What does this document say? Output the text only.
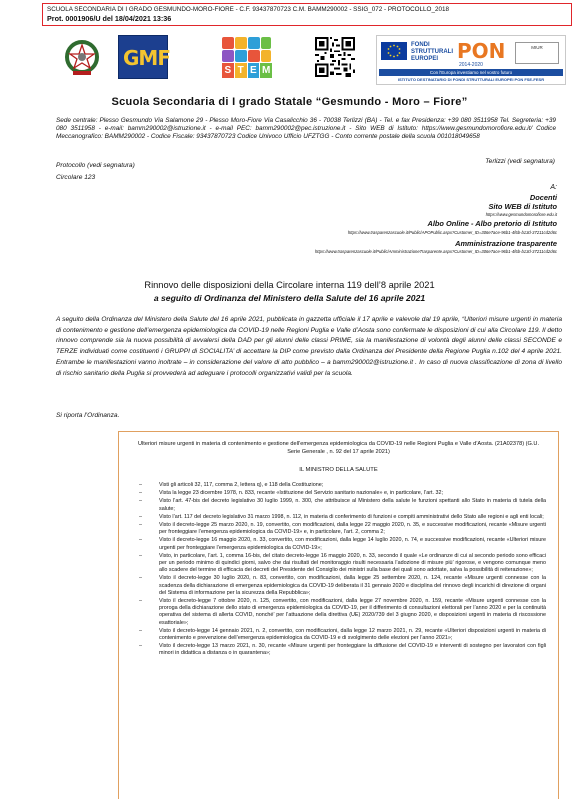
SCUOLA SECONDARIA DI I GRADO GESMUNDO-MORO-FIORE - C.F. 93437870723 C.M. BAMM290002 - SSIG_072 - PROTOCOLLO_2018
Prot. 0001906/U del 18/04/2021 13:36
GMF
S T E M
FONDI
STRUTTURALI
EUROPEI PON
2014-2020
MIUR
Con l'Europa investiamo nel vostro futuro
ISTITUTO DESTINATARIO DI FONDI STRUTTURALI EUROPEI PON FSE-FESR
Scuola Secondaria di I grado Statale “Gesmundo - Moro – Fiore”
Sede centrale: Plesso Gesmundo Via Salamone 29 - Plesso Moro-Fiore Via Casalicchio 36 - 70038 Terlizzi (BA) - Tel. e fax Presidenza: +39 080 3511958 Tel. Segreteria: +39 080 3511958 - e-mail: bamm290002@istruzione.it - e-mail PEC: bamm290002@pec.istruzione.it - Sito WEB di Istituto: https://www.gesmundomorofiore.edu.it/ Codice Meccanografico: BAMM290002 - Codice Fiscale: 93437870723 Codice Univoco Ufficio UFZTGG - Conto corrente postale della scuola 001018049658
Terlizzi (vedi segnatura)
Protocollo (vedi segnatura)
Circolare 123
A:
Docenti
Sito WEB di Istituto
https://www.gesmundomorofiore.edu.it
Albo Online - Albo pretorio di Istituto
https://www.trasparenzascuole.it/Public/APOPublic.aspx?Customer_ID=306e7ace-96b1-4f6b-b13d-37211cd2d6c
Amministrazione trasparente
https://www.trasparenzascuole.it/Public/AmministrazioneTrasparente.aspx?Customer_ID=306e7ace-96b1-4f6b-b13d-37211cd2d6c
Rinnovo delle disposizioni della Circolare interna 119 dell’8 aprile 2021
a seguito di Ordinanza del Ministero della Salute del 16 aprile 2021
A seguito della Ordinanza del Ministero della Salute del 16 aprile 2021, pubblicata in gazzetta ufficiale il 17 aprile e valevole dal 19 aprile, “Ulteriori misure urgenti in materia di contenimento e gestione dell’emergenza epidemiologica da COVID-19 nelle Regioni Puglia e Valle d’Aosta sono confermate le disposizioni di cui alla Circolare 119. Il detto rinnovo comprende sia la nuova possibilità di avvalersi della DAD per gli alunni delle classi PRIME, sia la manifestazione di volontà degli alunni delle classi SECONDE e TERZE individuati come costituenti i GRUPPI di SOCIALITA’ di accettare la DIP come previsto dalla Ordinanza del Presidente della Regione Puglia n.102 del 4 aprile 2021. Entrambe le manifestazioni vanno inoltrate – in considerazione del valore di atto pubblico – a bamm290002@istruzione.it . In caso di nuova classificazione di zona di livello di rischio sanitario della Puglia si provvederà ad adeguare i protocolli organizzativi validi per la scuola.
Si riporta l’Ordinanza.
Ulteriori misure urgenti in materia di contenimento e gestione dell’emergenza epidemiologica da COVID-19 nelle Regioni Puglia e Valle d’Aosta. (21A02378) (G.U. Serie Generale , n. 92 del 17 aprile 2021)
IL MINISTRO DELLA SALUTE
–	Visti gli articoli 32, 117, comma 2, lettera q), e 118 della Costituzione;
–	Vista la legge 23 dicembre 1978, n. 833, recante «Istituzione del Servizio sanitario nazionale» e, in particolare, l’art. 32;
–	Visto l’art. 47-bis del decreto legislativo 30 luglio 1999, n. 300, che attribuisce al Ministero della salute le funzioni spettanti allo Stato in materia di tutela della salute;
–	Visto l’art. 117 del decreto legislativo 31 marzo 1998, n. 112, in materia di conferimento di funzioni e compiti amministrativi dello Stato alle regioni e agli enti locali;
–	Visto il decreto-legge 25 marzo 2020, n. 19, convertito, con modificazioni, dalla legge 22 maggio 2020, n. 35, e successive modificazioni, recante «Misure urgenti per fronteggiare l’emergenza epidemiologica da COVID-19» e, in particolare, l’art. 2, comma 2;
–	Visto il decreto-legge 16 maggio 2020, n. 33, convertito, con modificazioni, dalla legge 14 luglio 2020, n. 74, e successive modificazioni, recante «Ulteriori misure urgenti per fronteggiare l’emergenza epidemiologica da COVID-19»;
–	Visto, in particolare, l’art. 1, comma 16-bis, del citato decreto-legge 16 maggio 2020, n. 33, secondo il quale «Le ordinanze di cui al secondo periodo sono efficaci per un periodo minimo di quindici giorni, salvo che dai risultati del monitoraggio risulti necessaria l’adozione di misure più’ rigorose, e vengono comunque meno allo scadere del termine di efficacia dei decreti del Presidente del Consiglio dei ministri sulla base dei quali sono adottate, salva la possibilità di reiterazione»;
–	Visto il decreto-legge 30 luglio 2020, n. 83, convertito, con modificazioni, dalla legge 25 settembre 2020, n. 124, recante «Misure urgenti connesse con la scadenza della dichiarazione di emergenza epidemiologica da COVID-19 deliberata il 31 gennaio 2020 e disciplina del rinnovo degli incarichi di direzione di organi del Sistema di informazione per la sicurezza della Repubblica»;
–	Visto il decreto-legge 7 ottobre 2020, n. 125, convertito, con modificazioni, dalla legge 27 novembre 2020, n. 159, recante «Misure urgenti connesse con la proroga della dichiarazione dello stato di emergenza epidemiologica da COVID-19, per il differimento di consultazioni elettorali per l’anno 2020 e per la continuità operativa del sistema di allerta COVID, nonché’ per l’attuazione della direttiva (UE) 2020/739 del 3 giugno 2020, e disposizioni urgenti in materia di riscossione esattoriale»;
–	Visto il decreto-legge 14 gennaio 2021, n. 2, convertito, con modificazioni, dalla legge 12 marzo 2021, n. 29, recante «Ulteriori disposizioni urgenti in materia di contenimento e prevenzione dell’emergenza epidemiologica da COVID-19 e di svolgimento delle elezioni per l’anno 2021»;
–	Visto il decreto-legge 13 marzo 2021, n. 30, recante «Misure urgenti per fronteggiare la diffusione del COVID-19 e interventi di sostegno per lavoratori con figli minori in didattica a distanza o in quarantena»;
